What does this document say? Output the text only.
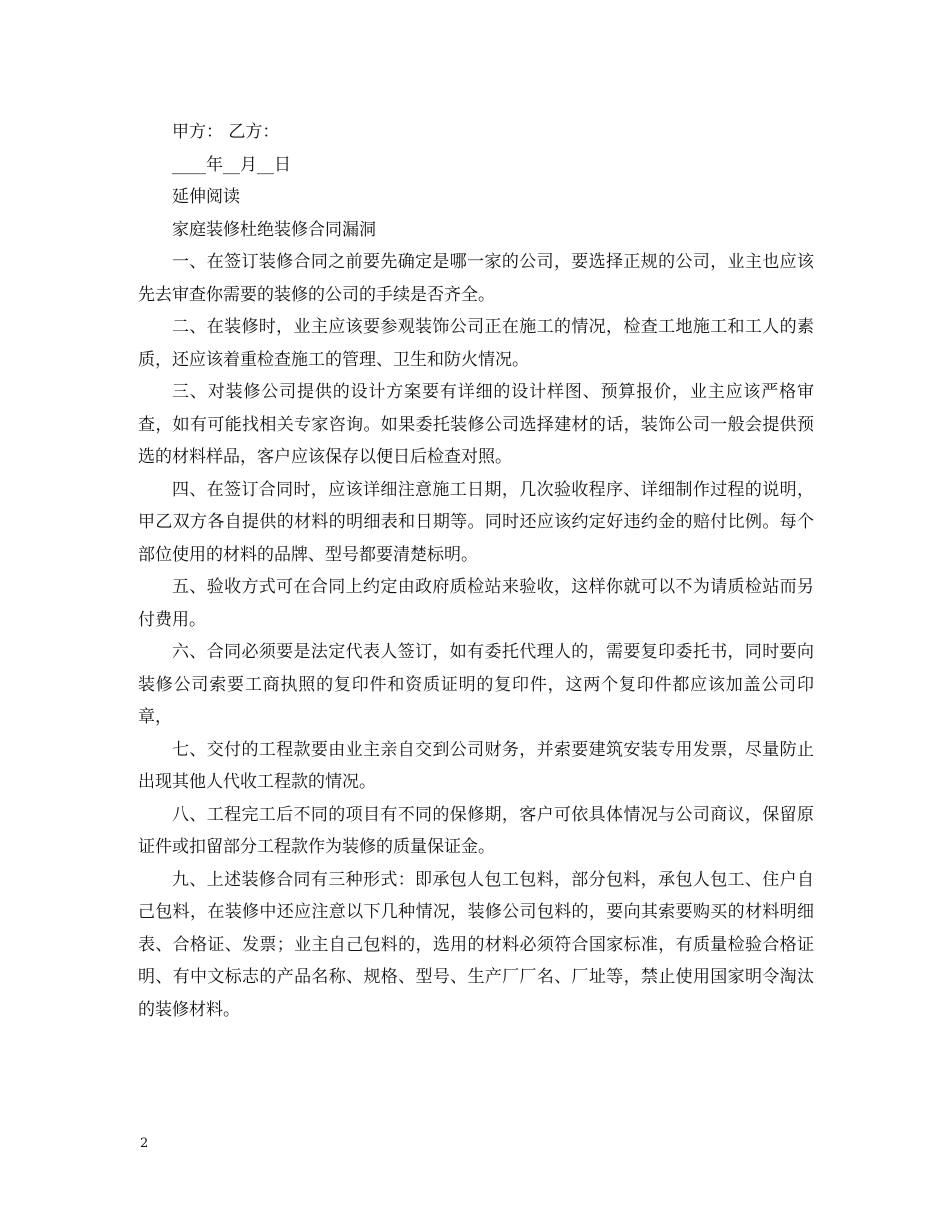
甲方： 乙方：
____年__月__日
延伸阅读
家庭装修杜绝装修合同漏洞

一、在签订装修合同之前要先确定是哪一家的公司，要选择正规的公司，业主也应该先去审查你需要的装修的公司的手续是否齐全。

二、在装修时，业主应该要参观装饰公司正在施工的情况，检查工地施工和工人的素质，还应该着重检查施工的管理、卫生和防火情况。

三、对装修公司提供的设计方案要有详细的设计样图、预算报价，业主应该严格审查，如有可能找相关专家咨询。如果委托装修公司选择建材的话，装饰公司一般会提供预选的材料样品，客户应该保存以便日后检查对照。

四、在签订合同时，应该详细注意施工日期，几次验收程序、详细制作过程的说明，甲乙双方各自提供的材料的明细表和日期等。同时还应该约定好违约金的赔付比例。每个部位使用的材料的品牌、型号都要清楚标明。

五、验收方式可在合同上约定由政府质检站来验收，这样你就可以不为请质检站而另付费用。

六、合同必须要是法定代表人签订，如有委托代理人的，需要复印委托书，同时要向装修公司索要工商执照的复印件和资质证明的复印件，这两个复印件都应该加盖公司印章，

七、交付的工程款要由业主亲自交到公司财务，并索要建筑安装专用发票，尽量防止出现其他人代收工程款的情况。

八、工程完工后不同的项目有不同的保修期，客户可依具体情况与公司商议，保留原证件或扣留部分工程款作为装修的质量保证金。

九、上述装修合同有三种形式：即承包人包工包料，部分包料，承包人包工、住户自己包料，在装修中还应注意以下几种情况，装修公司包料的，要向其索要购买的材料明细表、合格证、发票；业主自己包料的，选用的材料必须符合国家标准，有质量检验合格证明、有中文标志的产品名称、规格、型号、生产厂厂名、厂址等，禁止使用国家明令淘汰的装修材料。

2
